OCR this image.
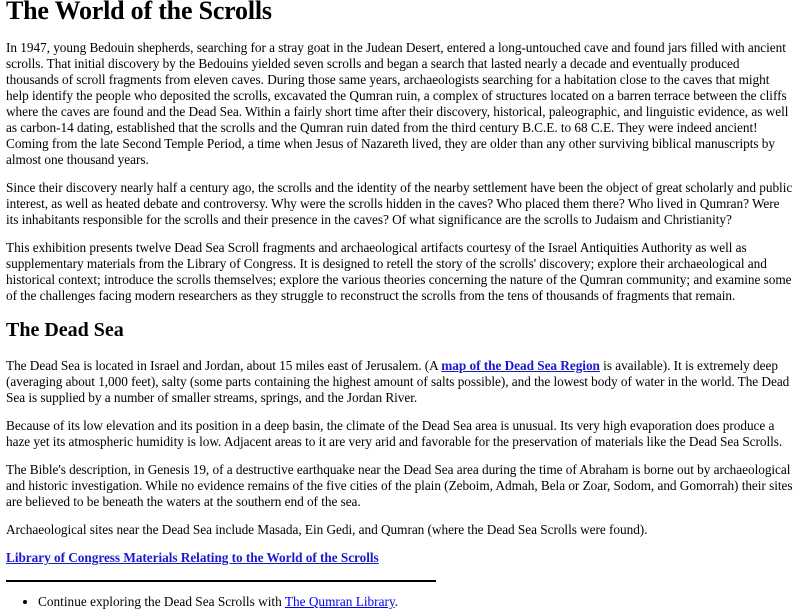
The World of the Scrolls

In 1947, young Bedouin shepherds, searching for a stray goat in the Judean Desert, entered a long-untouched cave and found jars filled with ancient scrolls. That initial discovery by the Bedouins yielded seven scrolls and began a search that lasted nearly a decade and eventually produced thousands of scroll fragments from eleven caves. During those same years, archaeologists searching for a habitation close to the caves that might help identify the people who deposited the scrolls, excavated the Qumran ruin, a complex of structures located on a barren terrace between the cliffs where the caves are found and the Dead Sea. Within a fairly short time after their discovery, historical, paleographic, and linguistic evidence, as well as carbon-14 dating, established that the scrolls and the Qumran ruin dated from the third century B.C.E. to 68 C.E. They were indeed ancient! Coming from the late Second Temple Period, a time when Jesus of Nazareth lived, they are older than any other surviving biblical manuscripts by almost one thousand years.

Since their discovery nearly half a century ago, the scrolls and the identity of the nearby settlement have been the object of great scholarly and public interest, as well as heated debate and controversy. Why were the scrolls hidden in the caves? Who placed them there? Who lived in Qumran? Were its inhabitants responsible for the scrolls and their presence in the caves? Of what significance are the scrolls to Judaism and Christianity?

This exhibition presents twelve Dead Sea Scroll fragments and archaeological artifacts courtesy of the Israel Antiquities Authority as well as supplementary materials from the Library of Congress. It is designed to retell the story of the scrolls' discovery; explore their archaeological and historical context; introduce the scrolls themselves; explore the various theories concerning the nature of the Qumran community; and examine some of the challenges facing modern researchers as they struggle to reconstruct the scrolls from the tens of thousands of fragments that remain.

The Dead Sea

The Dead Sea is located in Israel and Jordan, about 15 miles east of Jerusalem. (A map of the Dead Sea Region is available). It is extremely deep (averaging about 1,000 feet), salty (some parts containing the highest amount of salts possible), and the lowest body of water in the world. The Dead Sea is supplied by a number of smaller streams, springs, and the Jordan River.

Because of its low elevation and its position in a deep basin, the climate of the Dead Sea area is unusual. Its very high evaporation does produce a haze yet its atmospheric humidity is low. Adjacent areas to it are very arid and favorable for the preservation of materials like the Dead Sea Scrolls.

The Bible's description, in Genesis 19, of a destructive earthquake near the Dead Sea area during the time of Abraham is borne out by archaeological and historic investigation. While no evidence remains of the five cities of the plain (Zeboim, Admah, Bela or Zoar, Sodom, and Gomorrah) their sites are believed to be beneath the waters at the southern end of the sea.

Archaeological sites near the Dead Sea include Masada, Ein Gedi, and Qumran (where the Dead Sea Scrolls were found).

Library of Congress Materials Relating to the World of the Scrolls

• Continue exploring the Dead Sea Scrolls with The Qumran Library.
